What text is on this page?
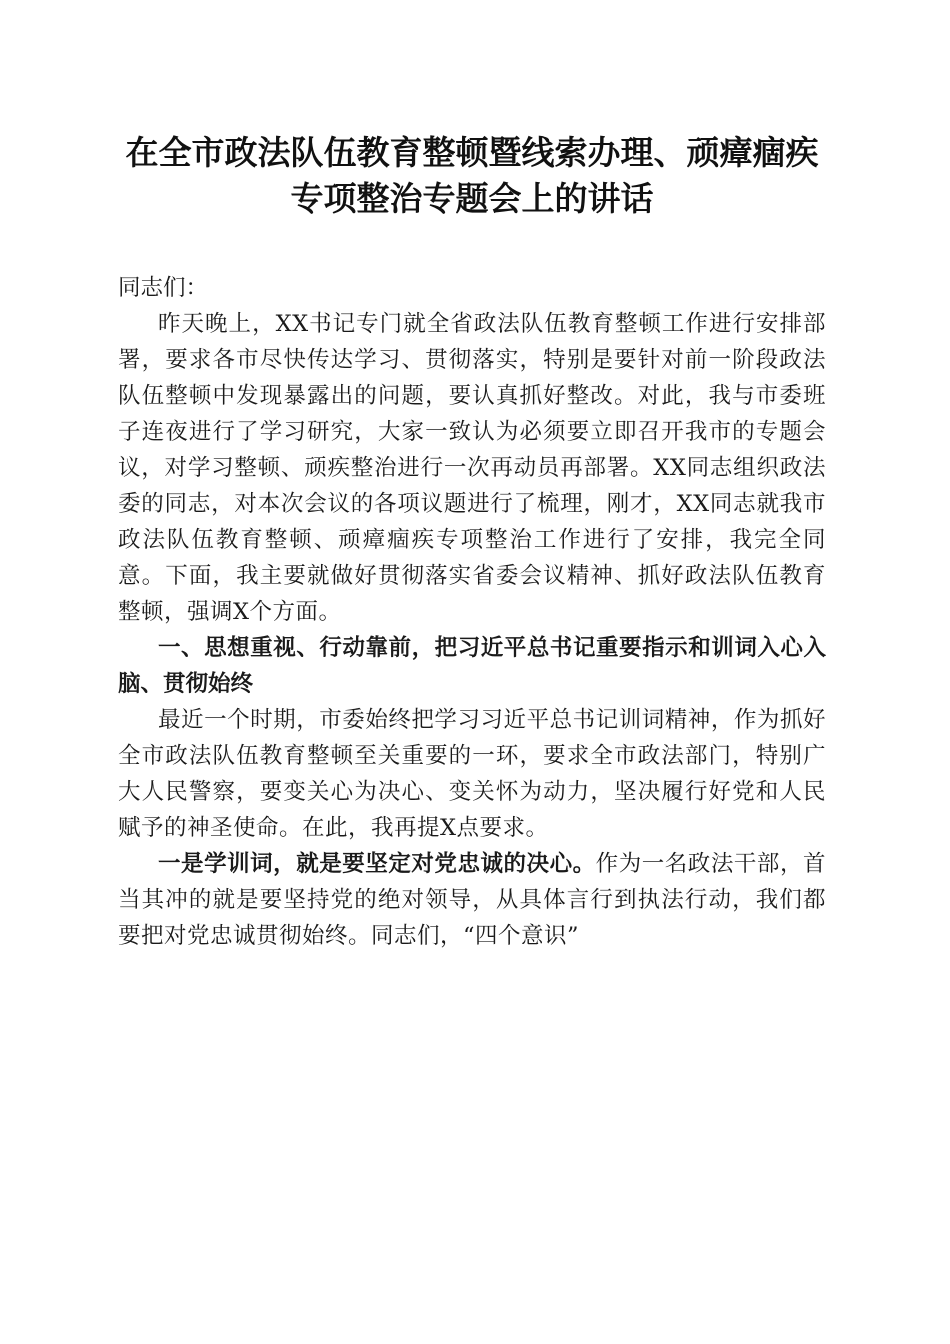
在全市政法队伍教育整顿暨线索办理、顽瘴痼疾专项整治专题会上的讲话

同志们：

昨天晚上，XX书记专门就全省政法队伍教育整顿工作进行安排部署，要求各市尽快传达学习、贯彻落实，特别是要针对前一阶段政法队伍整顿中发现暴露出的问题，要认真抓好整改。对此，我与市委班子连夜进行了学习研究，大家一致认为必须要立即召开我市的专题会议，对学习整顿、顽疾整治进行一次再动员再部署。XX同志组织政法委的同志，对本次会议的各项议题进行了梳理，刚才，XX同志就我市政法队伍教育整顿、顽瘴痼疾专项整治工作进行了安排，我完全同意。下面，我主要就做好贯彻落实省委会议精神、抓好政法队伍教育整顿，强调X个方面。

一、思想重视、行动靠前，把习近平总书记重要指示和训词入心入脑、贯彻始终

最近一个时期，市委始终把学习习近平总书记训词精神，作为抓好全市政法队伍教育整顿至关重要的一环，要求全市政法部门，特别广大人民警察，要变关心为决心、变关怀为动力，坚决履行好党和人民赋予的神圣使命。在此，我再提X点要求。

一是学训词，就是要坚定对党忠诚的决心。作为一名政法干部，首当其冲的就是要坚持党的绝对领导，从具体言行到执法行动，我们都要把对党忠诚贯彻始终。同志们，“四个意识”
